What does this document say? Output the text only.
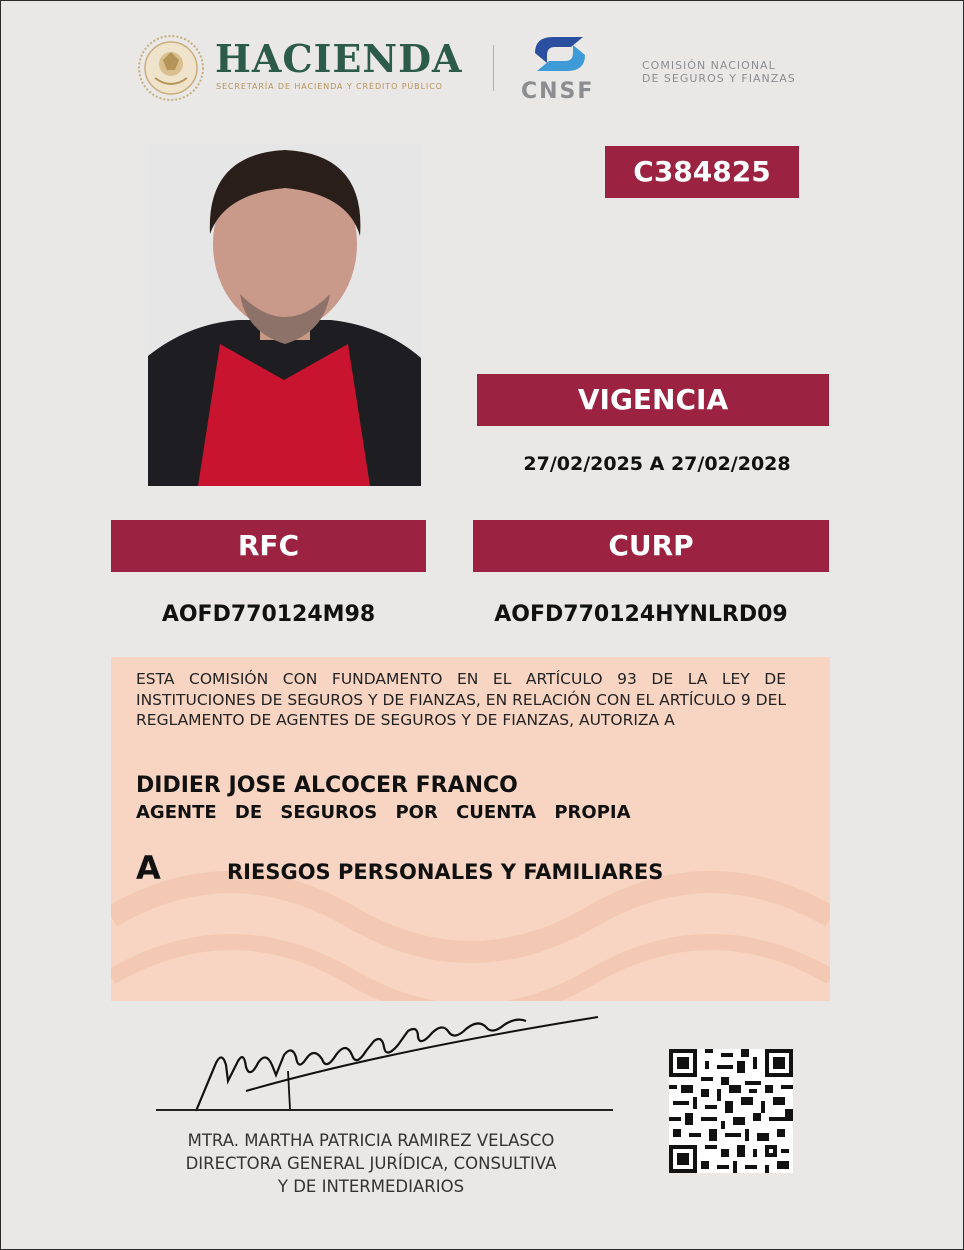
HACIENDA
SECRETARÍA DE HACIENDA Y CRÉDITO PÚBLICO	CNSF
COMISIÓN NACIONAL
DE SEGUROS Y FIANZAS
C384825
VIGENCIA
27/02/2025 A 27/02/2028
RFC
AOFD770124M98
CURP
AOFD770124HYNLRD09
ESTA COMISIÓN CON FUNDAMENTO EN EL ARTÍCULO 93 DE LA LEY DE INSTITUCIONES DE SEGUROS Y DE FIANZAS, EN RELACIÓN CON EL ARTÍCULO 9 DEL REGLAMENTO DE AGENTES DE SEGUROS Y DE FIANZAS, AUTORIZA A
DIDIER JOSE ALCOCER FRANCO
AGENTE DE SEGUROS POR CUENTA PROPIA
A	RIESGOS PERSONALES Y FAMILIARES
MTRA. MARTHA PATRICIA RAMIREZ VELASCO
DIRECTORA GENERAL JURÍDICA, CONSULTIVA
Y DE INTERMEDIARIOS
